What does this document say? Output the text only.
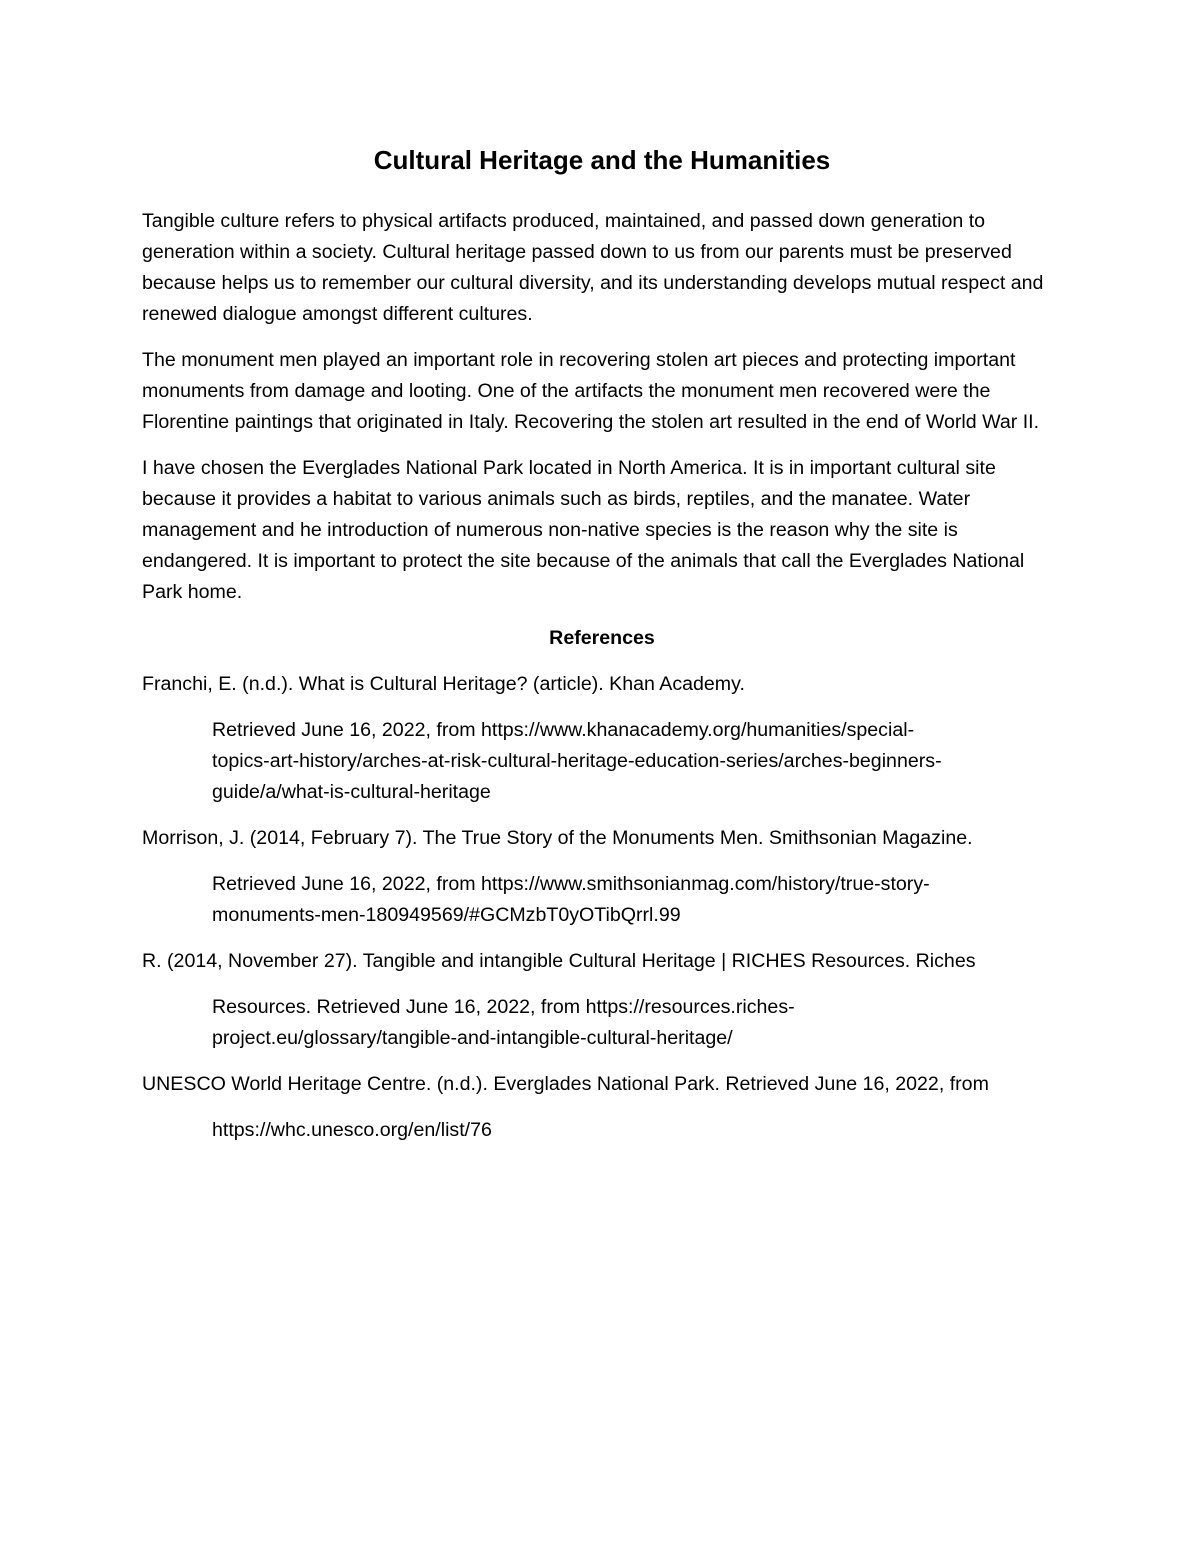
Cultural Heritage and the Humanities

Tangible culture refers to physical artifacts produced, maintained, and passed down generation to generation within a society. Cultural heritage passed down to us from our parents must be preserved because helps us to remember our cultural diversity, and its understanding develops mutual respect and renewed dialogue amongst different cultures.

The monument men played an important role in recovering stolen art pieces and protecting important monuments from damage and looting. One of the artifacts the monument men recovered were the Florentine paintings that originated in Italy. Recovering the stolen art resulted in the end of World War II.

I have chosen the Everglades National Park located in North America. It is in important cultural site because it provides a habitat to various animals such as birds, reptiles, and the manatee. Water management and he introduction of numerous non-native species is the reason why the site is endangered. It is important to protect the site because of the animals that call the Everglades National Park home.

References
Franchi, E. (n.d.). What is Cultural Heritage? (article). Khan Academy.
Retrieved June 16, 2022, from https://www.khanacademy.org/humanities/special-
topics-art-history/arches-at-risk-cultural-heritage-education-series/arches-beginners-
guide/a/what-is-cultural-heritage
Morrison, J. (2014, February 7). The True Story of the Monuments Men. Smithsonian Magazine.
Retrieved June 16, 2022, from https://www.smithsonianmag.com/history/true-story-
monuments-men-180949569/#GCMzbT0yOTibQrrl.99
R. (2014, November 27). Tangible and intangible Cultural Heritage | RICHES Resources. Riches
Resources. Retrieved June 16, 2022, from https://resources.riches-
project.eu/glossary/tangible-and-intangible-cultural-heritage/
UNESCO World Heritage Centre. (n.d.). Everglades National Park. Retrieved June 16, 2022, from
https://whc.unesco.org/en/list/76
